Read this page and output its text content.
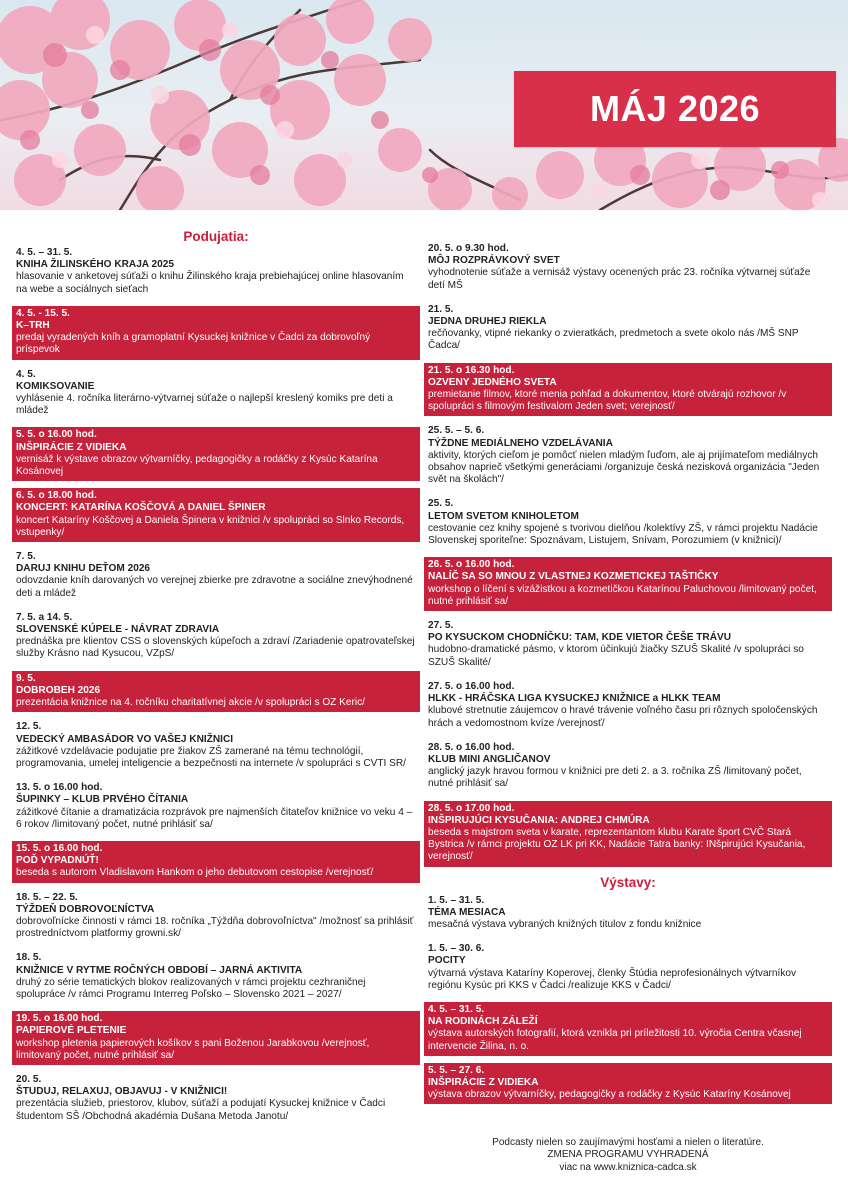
MÁJ 2026
Podujatia:
4. 5. – 31. 5.
KNIHA ŽILINSKÉHO KRAJA 2025
hlasovanie v anketovej súťaži o knihu Žilinského kraja prebiehajúcej online hlasovaním na webe a sociálnych sieťach
4. 5. - 15. 5.
K–TRH
predaj vyradených kníh a gramoplatní Kysuckej knižnice v Čadci za dobrovoľný príspevok
4. 5.
KOMIKSOVANIE
vyhlásenie 4. ročníka literárno-výtvarnej súťaže o najlepší kreslený komiks pre deti a mládež
5. 5. o 16.00 hod.
INŠPIRÁCIE Z VIDIEKA
vernisáž k výstave obrazov výtvarníčky, pedagogičky a rodáčky z Kysúc Katarína Kosánovej
6. 5. o 18.00 hod.
KONCERT: KATARÍNA KOŠČOVÁ A DANIEL ŠPINER
koncert Kataríny Koščovej a Daniela Špinera v knižnici /v spolupráci so Slnko Records, vstupenky/
7. 5.
DARUJ KNIHU DEŤOM 2026
odovzdanie kníh darovaných vo verejnej zbierke pre zdravotne a sociálne znevýhodnené deti a mládež
7. 5. a 14. 5.
SLOVENSKÉ KÚPELE - NÁVRAT ZDRAVIA
prednáška pre klientov CSS o slovenských kúpeľoch a zdraví /Zariadenie opatrovateľskej služby Krásno nad Kysucou, VZpS/
9. 5.
DOBROBEH 2026
prezentácia knižnice na 4. ročníku charitatívnej akcie /v spolupráci s OZ Keric/
12. 5.
VEDECKÝ AMBASÁDOR VO VAŠEJ KNIŽNICI
zážitkové vzdelávacie podujatie pre žiakov ZŠ zamerané na tému technológií, programovania, umelej inteligencie a bezpečnosti na internete /v spolupráci s CVTI SR/
13. 5. o 16.00 hod.
ŠUPINKY – KLUB PRVÉHO ČÍTANIA
zážitkové čítanie a dramatizácia rozprávok pre najmenších čitateľov knižnice vo veku 4 – 6 rokov /limitovaný počet, nutné prihlásiť sa/
15. 5. o 16.00 hod.
POĎ VYPADNÚŤ!
beseda s autorom Vladislavom Hankom o jeho debutovom cestopise /verejnosť/
18. 5. – 22. 5.
TÝŽDEŇ DOBROVOĽNÍCTVA
dobrovoľnícke činnosti v rámci 18. ročníka „Týždňa dobrovoľníctva" /možnosť sa prihlásiť prostredníctvom platformy growni.sk/
18. 5.
KNIŽNICE V RYTME ROČNÝCH OBDOBÍ – JARNÁ AKTIVITA
druhý zo série tematických blokov realizovaných v rámci projektu cezhraničnej spolupráce /v rámci Programu Interreg Poľsko – Slovensko 2021 – 2027/
19. 5. o 16.00 hod.
PAPIEROVÉ PLETENIE
workshop pletenia papierových košíkov s pani Boženou Jarabkovou /verejnosť, limitovaný počet, nutné prihlásiť sa/
20. 5.
ŠTUDUJ, RELAXUJ, OBJAVUJ - V KNIŽNICI!
prezentácia služieb, priestorov, klubov, súťaží a podujatí Kysuckej knižnice v Čadci študentom SŠ /Obchodná akadémia Dušana Metoda Janotu/
20. 5. o 9.30 hod.
MÔJ ROZPRÁVKOVÝ SVET
vyhodnotenie súťaže a vernisáž výstavy ocenených prác 23. ročníka výtvarnej súťaže detí MŠ
21. 5.
JEDNA DRUHEJ RIEKLA
rečňovanky, vtipné riekanky o zvieratkách, predmetoch a svete okolo nás /MŠ SNP Čadca/
21. 5. o 16.30 hod.
OZVENY JEDNÉHO SVETA
premietanie filmov, ktoré menia pohľad a dokumentov, ktoré otvárajú rozhovor /v spolupráci s filmovým festivalom Jeden svet; verejnosť/
25. 5. – 5. 6.
TÝŽDNE MEDIÁLNEHO VZDELÁVANIA
aktivity, ktorých cieľom je pomôcť nielen mladým ľuďom, ale aj prijímateľom mediálnych obsahov naprieč všetkými generáciami /organizuje česká nezisková organizácia "Jeden svět na školách"/
25. 5.
LETOM SVETOM KNIHOLETOM
cestovanie cez knihy spojené s tvorivou dielňou /kolektívy ZŠ, v rámci projektu Nadácie Slovenskej sporiteľne: Spoznávam, Listujem, Snívam, Porozumiem (v knižnici)/
26. 5. o 16.00 hod.
NALÍČ SA SO MNOU Z VLASTNEJ KOZMETICKEJ TAŠTIČKY
workshop o líčení s vizážistkou a kozmetičkou Katarínou Paluchovou /limitovaný počet, nutné prihlásiť sa/
27. 5.
PO KYSUCKOM CHODNÍČKU: TAM, KDE VIETOR ČEŠE TRÁVU
hudobno-dramatické pásmo, v ktorom účinkujú žiačky SZUŠ Skalité /v spolupráci so SZUŠ Skalité/
27. 5. o 16.00 hod.
HLKK - HRÁČSKA LIGA KYSUCKEJ KNIŽNICE a HLKK TEAM
klubové stretnutie záujemcov o hravé trávenie voľného času pri rôznych spoločenských hrách a vedomostnom kvíze /verejnosť/
28. 5. o 16.00 hod.
KLUB MINI ANGLIČANOV
anglický jazyk hravou formou v knižnici pre deti 2. a 3. ročníka ZŠ /limitovaný počet, nutné prihlásiť sa/
28. 5. o 17.00 hod.
INŠPIRUJÚCI KYSUČANIA: ANDREJ CHMÚRA
beseda s majstrom sveta v karate, reprezentantom klubu Karate šport CVČ Stará Bystrica /v rámci projektu OZ LK pri KK, Nadácie Tatra banky: INšpirujúci Kysučania, verejnosť/
Výstavy:
1. 5. – 31. 5.
TÉMA MESIACA
mesačná výstava vybraných knižných titulov z fondu knižnice
1. 5. – 30. 6.
POCITY
výtvarná výstava Kataríny Koperovej, členky Štúdia neprofesionálnych výtvarníkov regiónu Kysúc pri KKS v Čadci /realizuje KKS v Čadci/
4. 5. – 31. 5.
NA RODINÁCH ZÁLEŽÍ
výstava autorských fotografií, ktorá vznikla pri príležitosti 10. výročia Centra včasnej intervencie Žilina, n. o.
5. 5. – 27. 6.
INŠPIRÁCIE Z VIDIEKA
výstava obrazov výtvarníčky, pedagogičky a rodáčky z Kysúc Kataríny Kosánovej
Podcasty nielen so zaujímavými hosťami a nielen o literatúre.
ZMENA PROGRAMU VYHRADENÁ
viac na www.kniznica-cadca.sk
